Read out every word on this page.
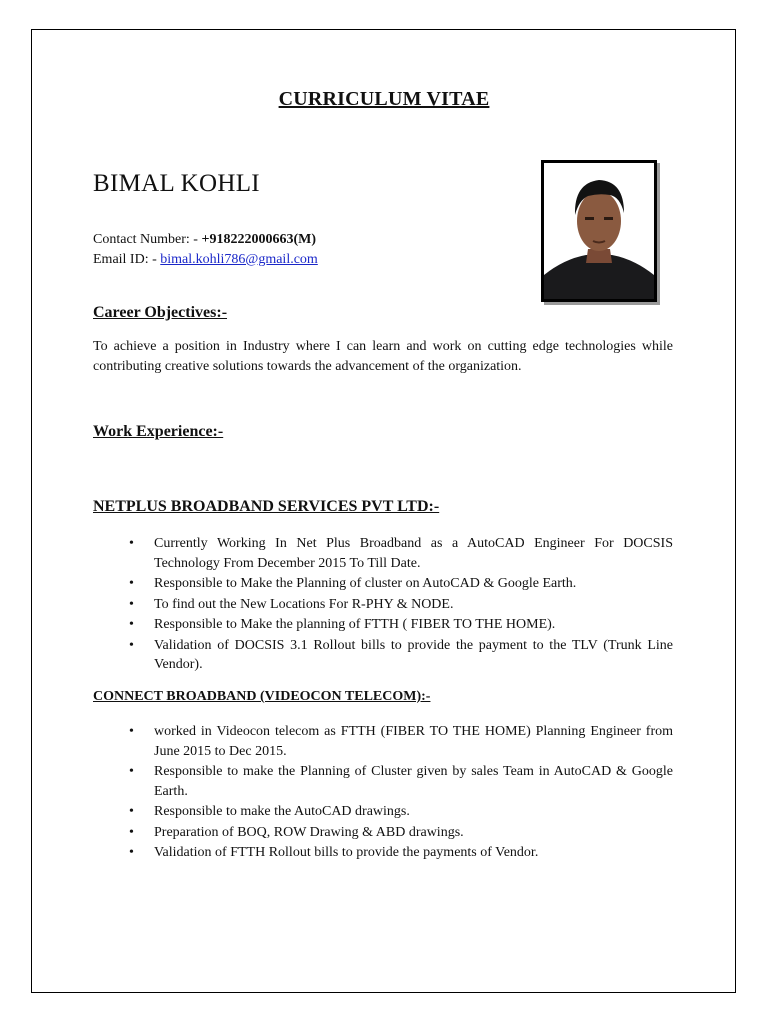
CURRICULUM VITAE
BIMAL KOHLI
Contact Number: - +918222000663(M)
Email ID: - bimal.kohli786@gmail.com
Career Objectives:-
To achieve a position in Industry where I can learn and work on cutting edge technologies while contributing creative solutions towards the advancement of the organization.
Work Experience:-
NETPLUS BROADBAND SERVICES PVT LTD:-
• Currently Working In Net Plus Broadband as a AutoCAD Engineer For DOCSIS Technology From December 2015 To Till Date.
• Responsible to Make the Planning of cluster on AutoCAD & Google Earth.
• To find out the New Locations For R-PHY & NODE.
• Responsible to Make the planning of FTTH ( FIBER TO THE HOME).
• Validation of DOCSIS 3.1 Rollout bills to provide the payment to the TLV (Trunk Line Vendor).
CONNECT BROADBAND (VIDEOCON TELECOM):-
• worked in Videocon telecom as FTTH (FIBER TO THE HOME) Planning Engineer from June 2015 to Dec 2015.
• Responsible to make the Planning of Cluster given by sales Team in AutoCAD & Google Earth.
• Responsible to make the AutoCAD drawings.
• Preparation of BOQ, ROW Drawing & ABD drawings.
• Validation of FTTH Rollout bills to provide the payments of Vendor.
